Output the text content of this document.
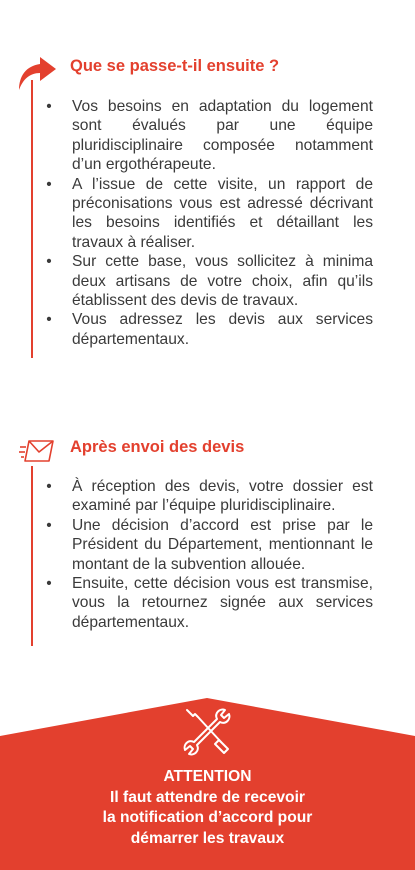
Que se passe-t-il ensuite ?
• Vos besoins en adaptation du logement sont évalués par une équipe pluridisciplinaire composée notamment d’un ergothérapeute.
• A l’issue de cette visite, un rapport de préconisations vous est adressé décrivant les besoins identifiés et détaillant les travaux à réaliser.
• Sur cette base, vous sollicitez à minima deux artisans de votre choix, afin qu’ils établissent des devis de travaux.
• Vous adressez les devis aux services départementaux.
Après envoi des devis
• À réception des devis, votre dossier est examiné par l’équipe pluridisciplinaire.
• Une décision d’accord est prise par le Président du Département, mentionnant le montant de la subvention allouée.
• Ensuite, cette décision vous est transmise, vous la retournez signée aux services départementaux.
ATTENTION
Il faut attendre de recevoir
la notification d’accord pour
démarrer les travaux
